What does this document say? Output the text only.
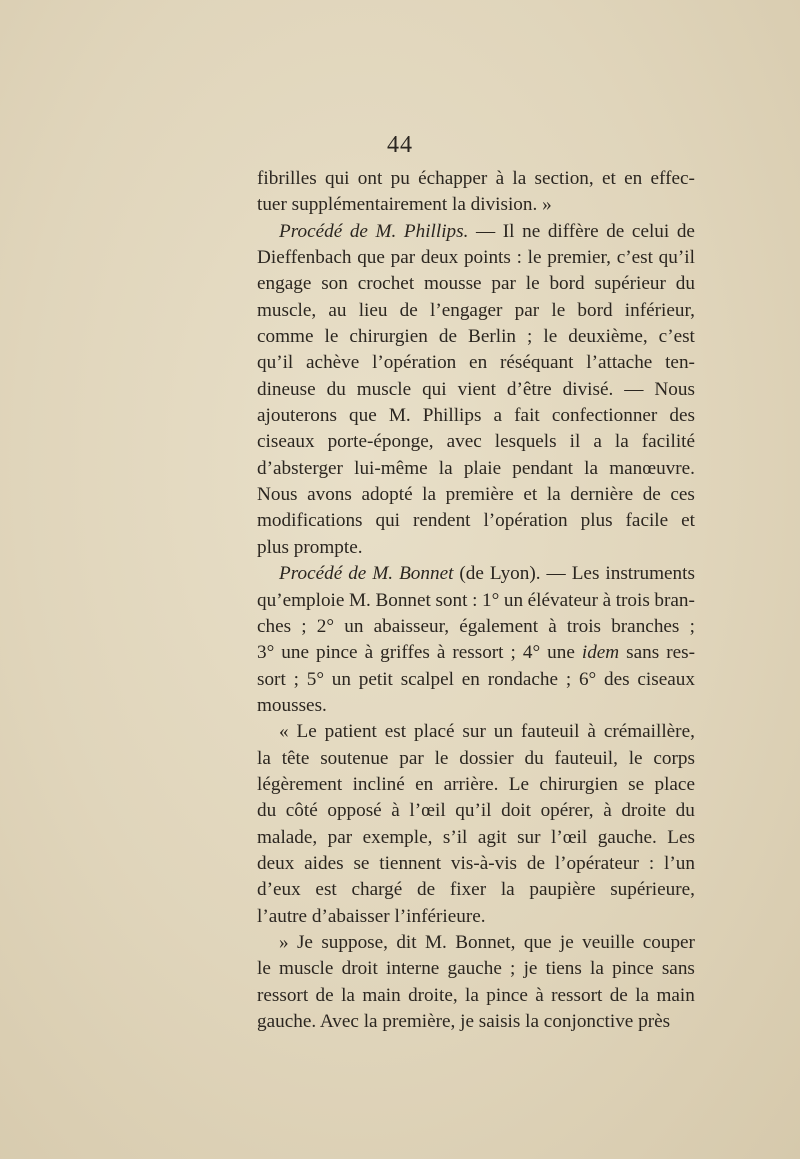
44
fibrilles qui ont pu échapper à la section, et en effec-
tuer supplémentairement la division. »
Procédé de M. Phillips. — Il ne diffère de celui de
Dieffenbach que par deux points : le premier, c’est qu’il
engage son crochet mousse par le bord supérieur du
muscle, au lieu de l’engager par le bord inférieur,
comme le chirurgien de Berlin ; le deuxième, c’est
qu’il achève l’opération en réséquant l’attache ten-
dineuse du muscle qui vient d’être divisé. — Nous
ajouterons que M. Phillips a fait confectionner des
ciseaux porte-éponge, avec lesquels il a la facilité
d’absterger lui-même la plaie pendant la manœuvre.
Nous avons adopté la première et la dernière de ces
modifications qui rendent l’opération plus facile et
plus prompte.
Procédé de M. Bonnet (de Lyon). — Les instruments
qu’emploie M. Bonnet sont : 1° un élévateur à trois bran-
ches ; 2° un abaisseur, également à trois branches ;
3° une pince à griffes à ressort ; 4° une idem sans res-
sort ; 5° un petit scalpel en rondache ; 6° des ciseaux
mousses.
« Le patient est placé sur un fauteuil à crémaillère,
la tête soutenue par le dossier du fauteuil, le corps
légèrement incliné en arrière. Le chirurgien se place
du côté opposé à l’œil qu’il doit opérer, à droite du
malade, par exemple, s’il agit sur l’œil gauche. Les
deux aides se tiennent vis-à-vis de l’opérateur : l’un
d’eux est chargé de fixer la paupière supérieure,
l’autre d’abaisser l’inférieure.
» Je suppose, dit M. Bonnet, que je veuille couper
le muscle droit interne gauche ; je tiens la pince sans
ressort de la main droite, la pince à ressort de la main
gauche. Avec la première, je saisis la conjonctive près
